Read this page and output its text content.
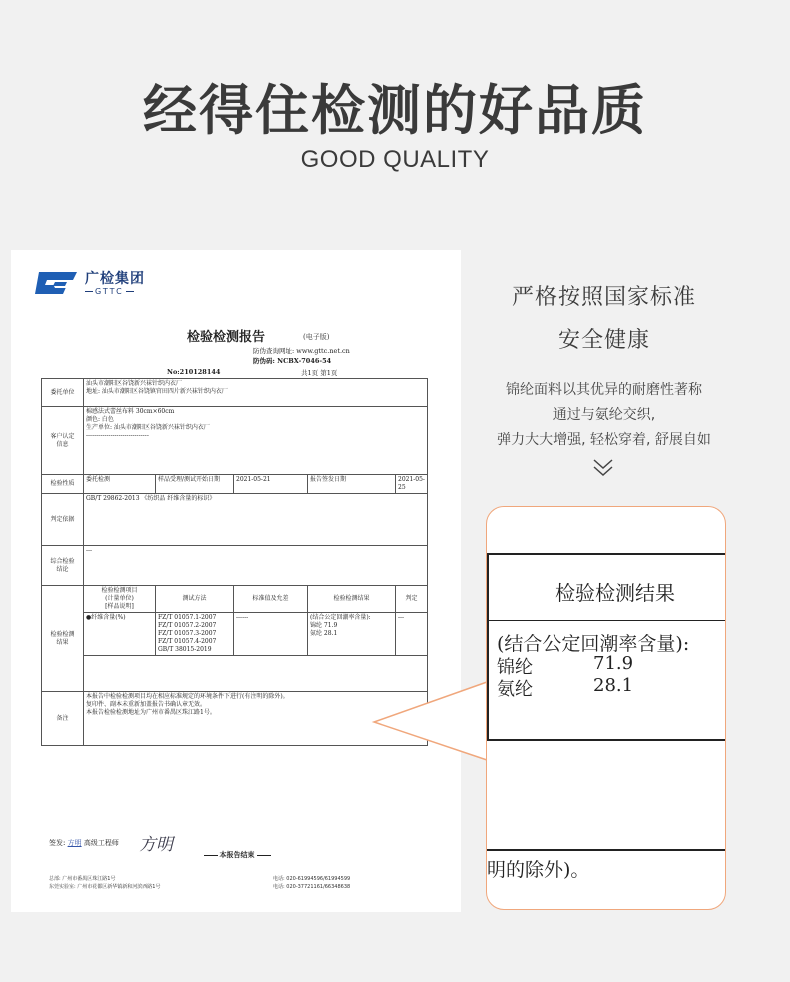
经得住检测的好品质
GOOD QUALITY
广检集团
GTTC
检验检测报告	(电子版)
防伪查询网址: www.gttc.net.cn
防伪码: NCBX-7046-54
No:210128144	共1页 第1页
委托单位	汕头市潮阳区谷饶新兴袜针织内衣厂
地址: 汕头市潮阳区谷饶镇官田四片新兴袜针织内衣厂				
客户认定
信息	棉感法式蕾丝布料 30cm×60cm
颜色: 白色
生产单位: 汕头市潮阳区谷饶新兴袜针织内衣厂
-------------------------------				
检验性质	委托检测	样品受理/测试开始日期	2021-05-21	报告签发日期	2021-05-25
判定依据	GB/T 29862-2013 《纺织品 纤维含量的标识》				
综合检验
结论	---				
检验检测
结果	检验检测项目
(计量单位)
[样品说明]	测试方法	标准值及允差	检验检测结果	判定
	●纤维含量(%)	FZ/T 01057.1-2007
FZ/T 01057.2-2007
FZ/T 01057.3-2007
FZ/T 01057.4-2007
GB/T 38015-2019	------	(结合公定回潮率含量):
锦纶 71.9
氨纶 28.1	---

备注	本报告中检验检测项目均在相应标准规定的环境条件下进行(有注明的除外)。
复印件、副本未重新加盖报告书确认章无效。
本报告检验检测地址为广州市番禺区珠江路1号。				
签发: 方明 高级工程师 方明	本报告结束
总部: 广州市番禺区珠江路1号
东莞实验室: 广州市花都区新华镇新和河滨西路1号
电话: 020-61994596/61994599
电话: 020-37721161/66348638
严格按照国家标准
安全健康
锦纶面料以其优异的耐磨性著称
通过与氨纶交织,
弹力大大增强, 轻松穿着, 舒展自如
检验检测结果
(结合公定回潮率含量):
锦纶	71.9
氨纶	28.1
明的除外)。
